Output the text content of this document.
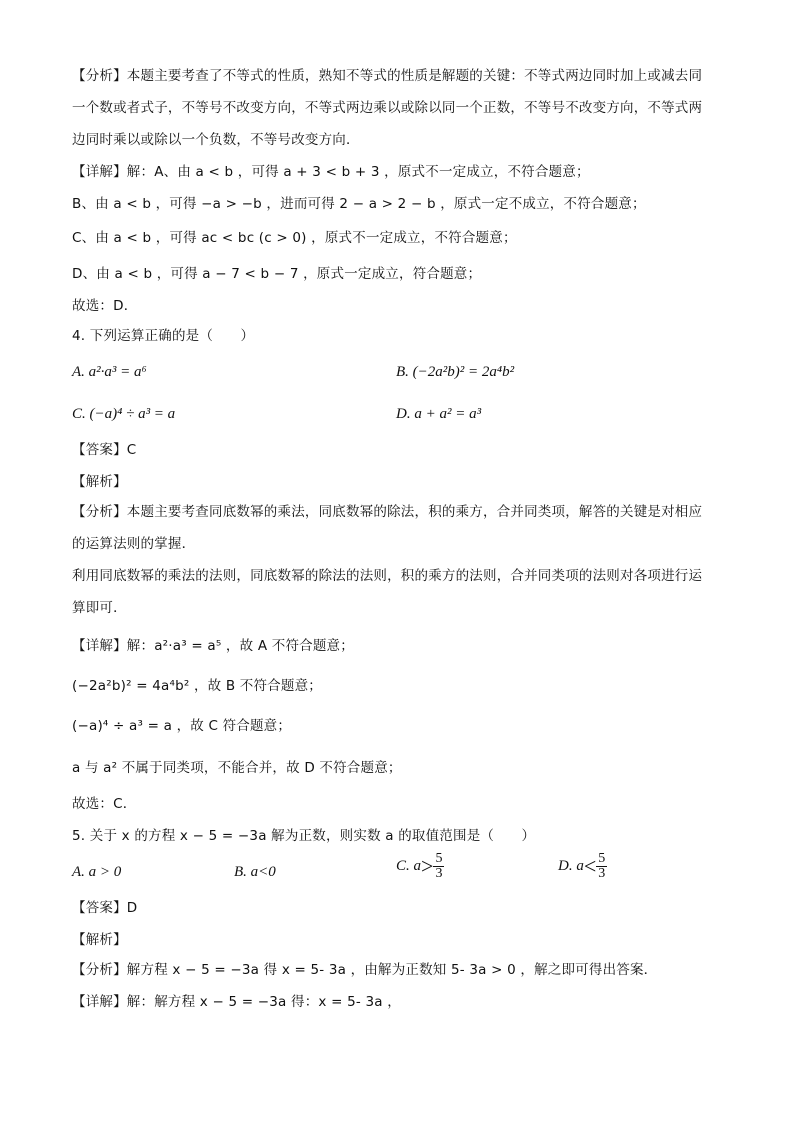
【分析】本题主要考查了不等式的性质，熟知不等式的性质是解题的关键：不等式两边同时加上或减去同
一个数或者式子，不等号不改变方向，不等式两边乘以或除以同一个正数，不等号不改变方向，不等式两
边同时乘以或除以一个负数，不等号改变方向．
【详解】解：A、由 a < b ，可得 a + 3 < b + 3 ，原式不一定成立，不符合题意；
B、由 a < b ，可得 −a > −b ，进而可得 2 − a > 2 − b ，原式一定不成立，不符合题意；
C、由 a < b ，可得 ac < bc (c > 0) ，原式不一定成立，不符合题意；
D、由 a < b ，可得 a − 7 < b − 7 ，原式一定成立，符合题意；
故选：D．
4. 下列运算正确的是（　　）
A. a²·a³ = a⁶	B. (−2a²b)² = 2a⁴b²
C. (−a)⁴ ÷ a³ = a	D. a + a² = a³
【答案】C
【解析】
【分析】本题主要考查同底数幂的乘法，同底数幂的除法，积的乘方，合并同类项，解答的关键是对相应
的运算法则的掌握．
利用同底数幂的乘法的法则，同底数幂的除法的法则，积的乘方的法则，合并同类项的法则对各项进行运
算即可．
【详解】解：a²·a³ = a⁵ ，故 A 不符合题意；
(−2a²b)² = 4a⁴b² ，故 B 不符合题意；
(−a)⁴ ÷ a³ = a ，故 C 符合题意；
a 与 a² 不属于同类项，不能合并，故 D 不符合题意；
故选：C．
5. 关于 x 的方程 x − 5 = −3a 解为正数，则实数 a 的取值范围是（　　）
A. a > 0	B. a<0	C. $a> \frac{5}{3}$	D. $a< \frac{5}{3}$
【答案】D
【解析】
【分析】解方程 x − 5 = −3a 得 x = 5- 3a ，由解为正数知 5- 3a > 0 ，解之即可得出答案．
【详解】解：解方程 x − 5 = −3a 得：x = 5- 3a ，
